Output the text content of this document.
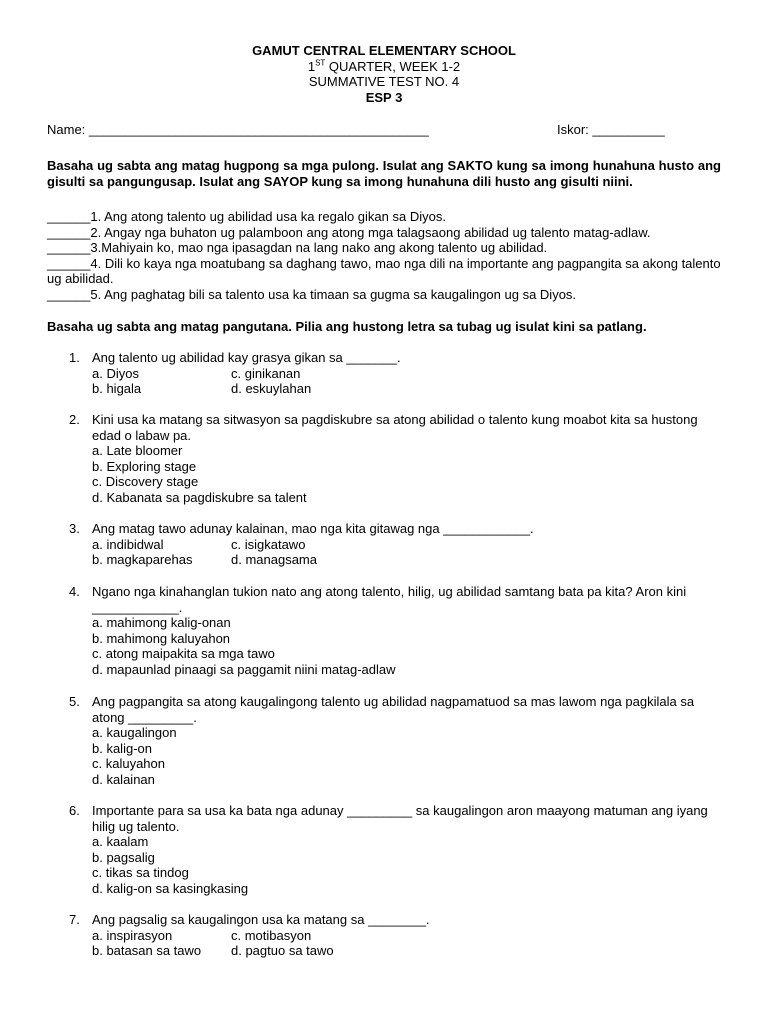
GAMUT CENTRAL ELEMENTARY SCHOOL
1ST QUARTER, WEEK 1-2
SUMMATIVE TEST NO. 4
ESP 3
Name: _______________________________________________	Iskor: __________
Basaha ug sabta ang matag hugpong sa mga pulong. Isulat ang SAKTO kung sa imong hunahuna husto ang gisulti sa pangungusap. Isulat ang SAYOP kung sa imong hunahuna dili husto ang gisulti niini.
______1. Ang atong talento ug abilidad usa ka regalo gikan sa Diyos.
______2. Angay nga buhaton ug palamboon ang atong mga talagsaong abilidad ug talento matag-adlaw.
______3.Mahiyain ko, mao nga ipasagdan na lang nako ang akong talento ug abilidad.
______4. Dili ko kaya nga moatubang sa daghang tawo, mao nga dili na importante ang pagpangita sa akong talento ug abilidad.
______5. Ang paghatag bili sa talento usa ka timaan sa gugma sa kaugalingon ug sa Diyos.
Basaha ug sabta ang matag pangutana. Pilia ang hustong letra sa tubag ug isulat kini sa patlang.
1. Ang talento ug abilidad kay grasya gikan sa _______.
a. Diyos	c. ginikanan
b. higala	d. eskuylahan
2. Kini usa ka matang sa sitwasyon sa pagdiskubre sa atong abilidad o talento kung moabot kita sa hustong edad o labaw pa.
a. Late bloomer
b. Exploring stage
c. Discovery stage
d. Kabanata sa pagdiskubre sa talent
3. Ang matag tawo adunay kalainan, mao nga kita gitawag nga ____________.
a. indibidwal	c. isigkatawo
b. magkaparehas	d. managsama
4. Ngano nga kinahanglan tukion nato ang atong talento, hilig, ug abilidad samtang bata pa kita? Aron kini ____________.
a. mahimong kalig-onan
b. mahimong kaluyahon
c. atong maipakita sa mga tawo
d. mapaunlad pinaagi sa paggamit niini matag-adlaw
5. Ang pagpangita sa atong kaugalingong talento ug abilidad nagpamatuod sa mas lawom nga pagkilala sa atong _________.
a. kaugalingon
b. kalig-on
c. kaluyahon
d. kalainan
6. Importante para sa usa ka bata nga adunay _________ sa kaugalingon aron maayong matuman ang iyang hilig ug talento.
a. kaalam
b. pagsalig
c. tikas sa tindog
d. kalig-on sa kasingkasing
7. Ang pagsalig sa kaugalingon usa ka matang sa ________.
a. inspirasyon	c. motibasyon
b. batasan sa tawo	d. pagtuo sa tawo
